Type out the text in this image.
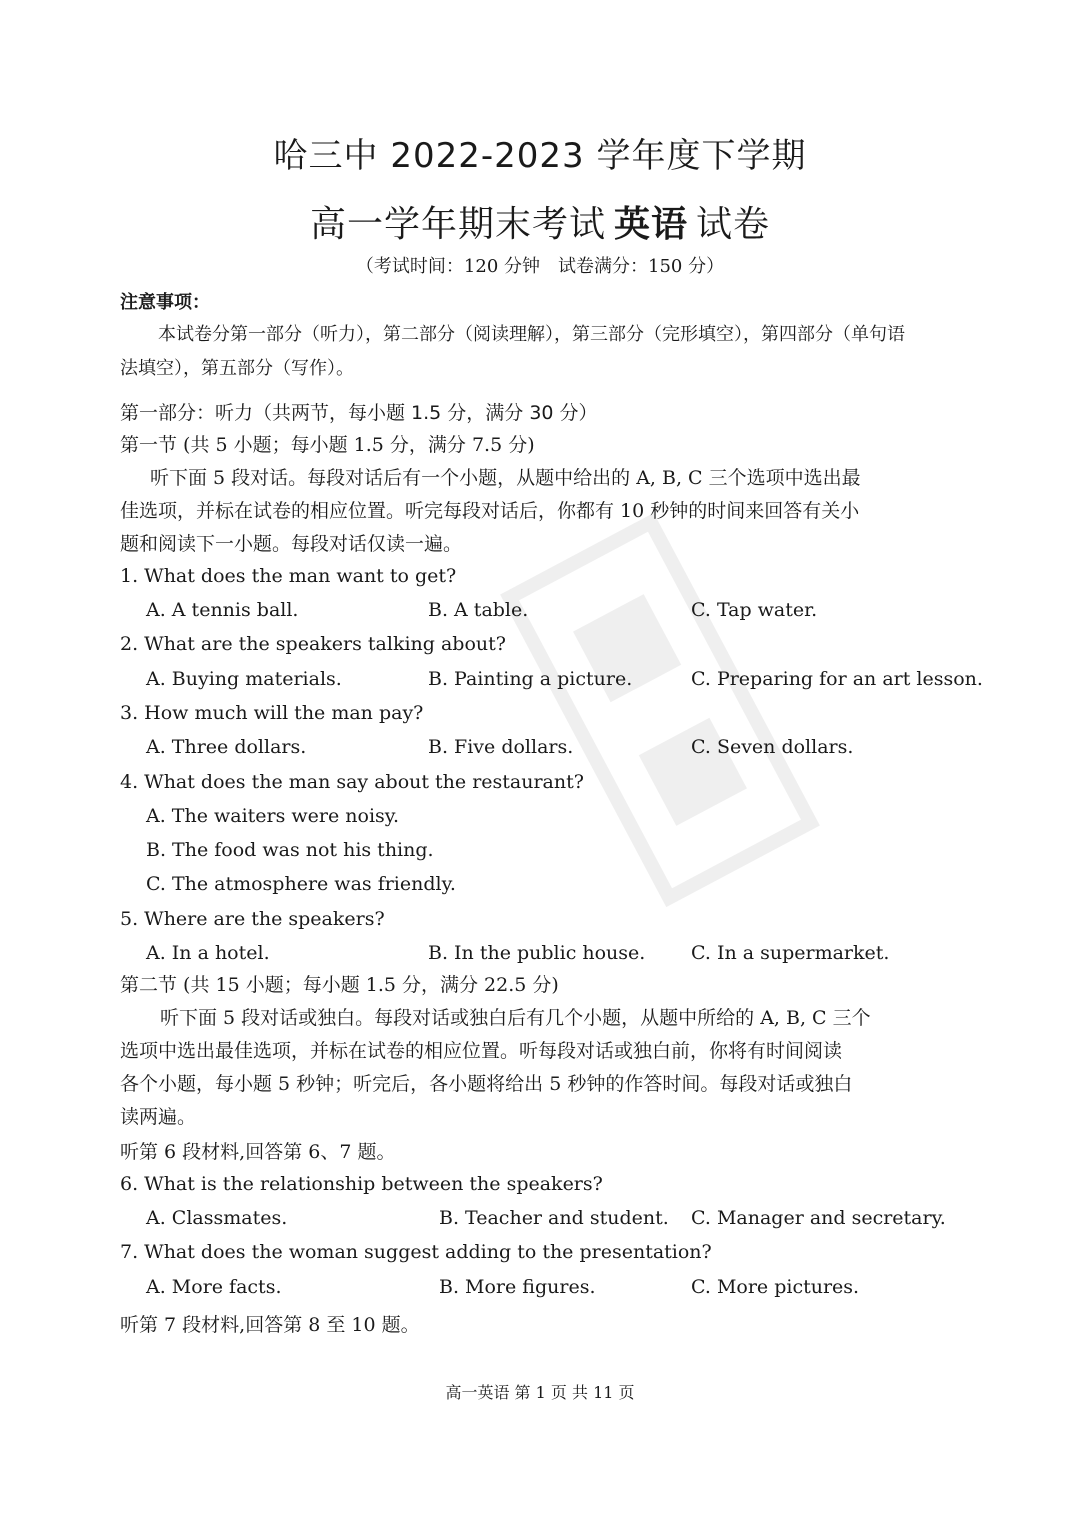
哈三中 2022-2023 学年度下学期
高一学年期末考试 英语 试卷
（考试时间：120 分钟　试卷满分：150 分）
注意事项：
本试卷分第一部分（听力），第二部分（阅读理解），第三部分（完形填空），第四部分（单句语
法填空），第五部分（写作）。
第一部分：听力（共两节，每小题 1.5 分，满分 30 分）
第一节 (共 5 小题；每小题 1.5 分，满分 7.5 分)
听下面 5 段对话。每段对话后有一个小题，从题中给出的 A, B, C 三个选项中选出最
佳选项，并标在试卷的相应位置。听完每段对话后，你都有 10 秒钟的时间来回答有关小
题和阅读下一小题。每段对话仅读一遍。
1. What does the man want to get?
A. A tennis ball.	B. A table.	C. Tap water.
2. What are the speakers talking about?
A. Buying materials.	B. Painting a picture.	C. Preparing for an art lesson.
3. How much will the man pay?
A. Three dollars.	B. Five dollars.	C. Seven dollars.
4. What does the man say about the restaurant?
A. The waiters were noisy.
B. The food was not his thing.
C. The atmosphere was friendly.
5. Where are the speakers?
A. In a hotel.	B. In the public house. C. In a supermarket.
第二节 (共 15 小题；每小题 1.5 分，满分 22.5 分)
听下面 5 段对话或独白。每段对话或独白后有几个小题，从题中所给的 A, B, C 三个
选项中选出最佳选项，并标在试卷的相应位置。听每段对话或独白前，你将有时间阅读
各个小题，每小题 5 秒钟；听完后，各小题将给出 5 秒钟的作答时间。每段对话或独白
读两遍。
听第 6 段材料,回答第 6、7 题。
6. What is the relationship between the speakers?
A. Classmates.	B. Teacher and student. C. Manager and secretary.
7. What does the woman suggest adding to the presentation?
A. More facts.	B. More figures.	C. More pictures.
听第 7 段材料,回答第 8 至 10 题。
高一英语 第 1 页 共 11 页
